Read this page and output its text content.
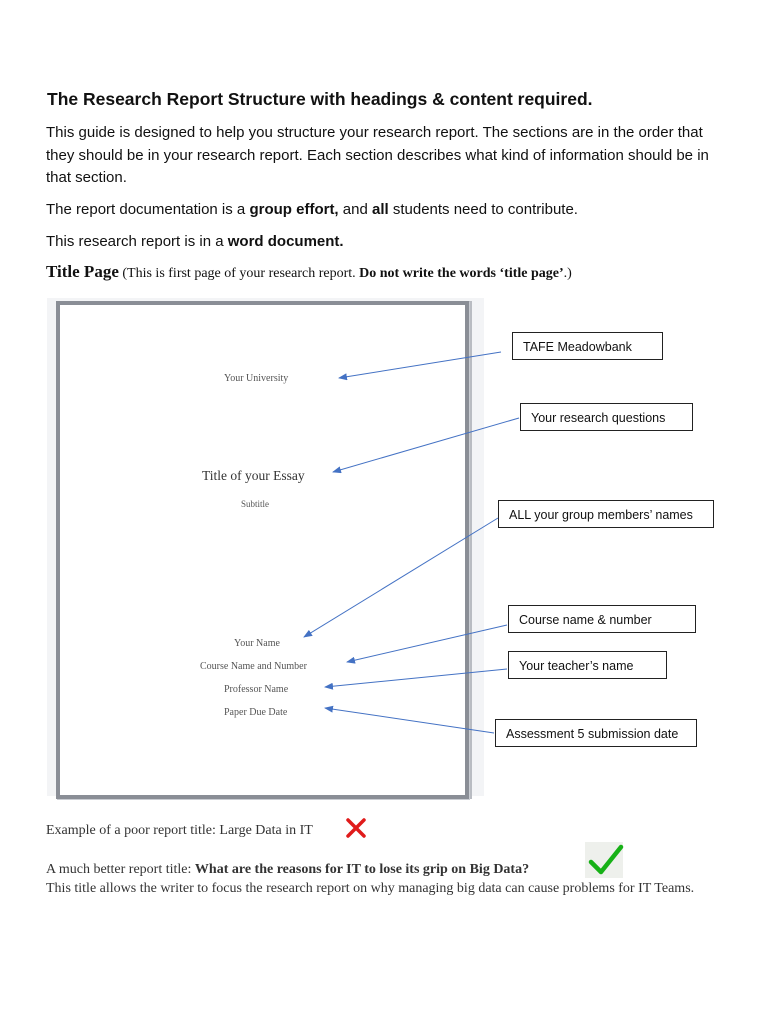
The Research Report Structure with headings & content required.
This guide is designed to help you structure your research report. The sections are in the order that they should be in your research report. Each section describes what kind of information should be in that section.
The report documentation is a group effort, and all students need to contribute.
This research report is in a word document.
Title Page (This is first page of your research report. Do not write the words ‘title page’.)
Your University
Title of your Essay
Subtitle
Your Name
Course Name and Number
Professor Name
Paper Due Date
TAFE Meadowbank
Your research questions
ALL your group members’ names
Course name & number
Your teacher’s name
Assessment 5 submission date
Example of a poor report title: Large Data in IT
A much better report title: What are the reasons for IT to lose its grip on Big Data?
This title allows the writer to focus the research report on why managing big data can cause problems for IT Teams.
